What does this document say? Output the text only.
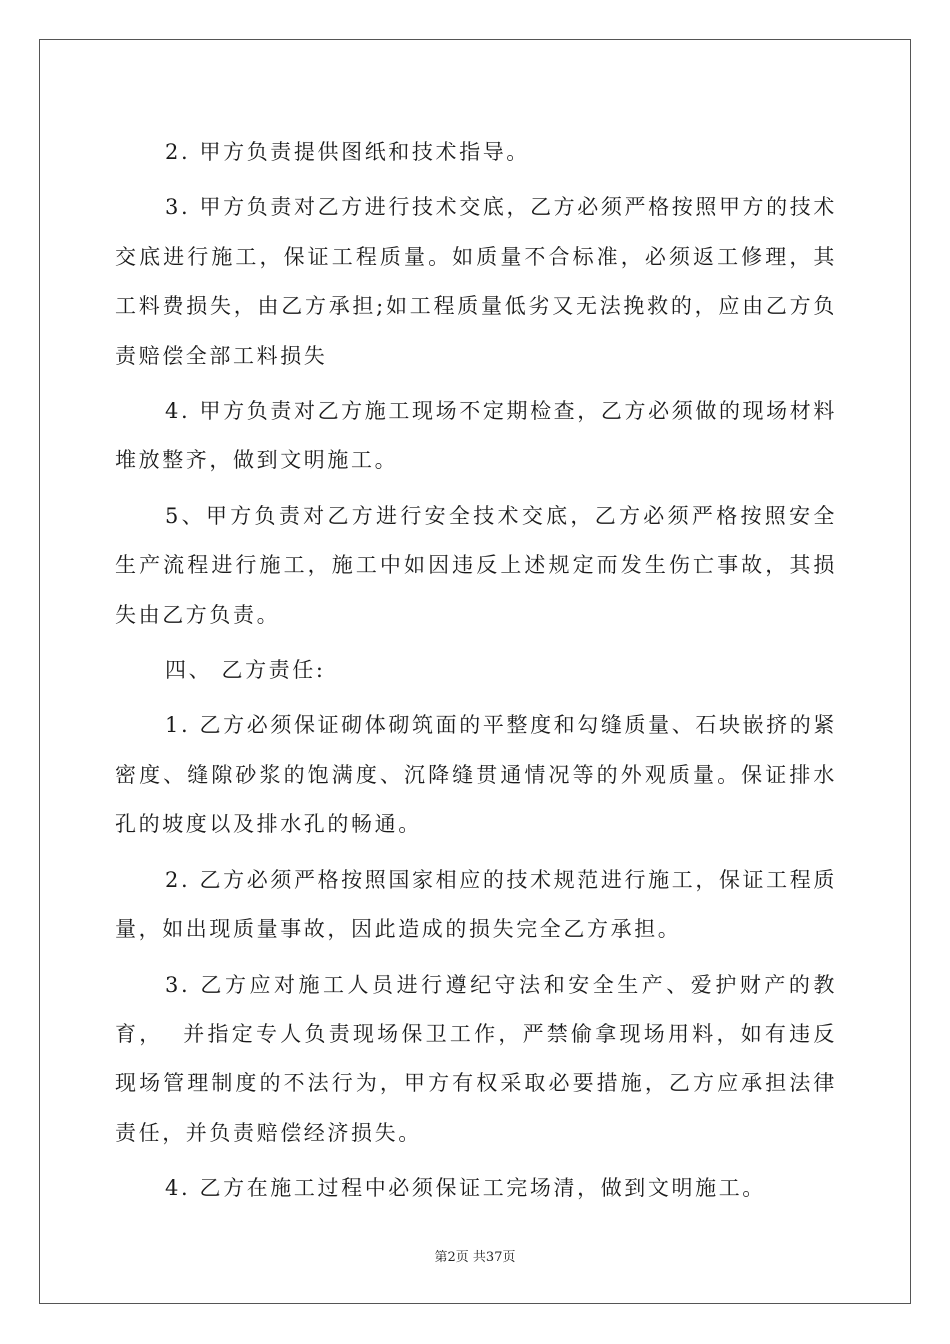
2. 甲方负责提供图纸和技术指导。

3. 甲方负责对乙方进行技术交底，乙方必须严格按照甲方的技术交底进行施工，保证工程质量。如质量不合标准，必须返工修理，其工料费损失，由乙方承担;如工程质量低劣又无法挽救的，应由乙方负责赔偿全部工料损失

4. 甲方负责对乙方施工现场不定期检查，乙方必须做的现场材料堆放整齐，做到文明施工。

5、甲方负责对乙方进行安全技术交底，乙方必须严格按照安全生产流程进行施工，施工中如因违反上述规定而发生伤亡事故，其损失由乙方负责。

四、 乙方责任:

1. 乙方必须保证砌体砌筑面的平整度和勾缝质量、石块嵌挤的紧密度、缝隙砂浆的饱满度、沉降缝贯通情况等的外观质量。保证排水孔的坡度以及排水孔的畅通。

2. 乙方必须严格按照国家相应的技术规范进行施工，保证工程质量，如出现质量事故，因此造成的损失完全乙方承担。

3. 乙方应对施工人员进行遵纪守法和安全生产、爱护财产的教育，  并指定专人负责现场保卫工作，严禁偷拿现场用料，如有违反现场管理制度的不法行为，甲方有权采取必要措施，乙方应承担法律责任，并负责赔偿经济损失。

4. 乙方在施工过程中必须保证工完场清，做到文明施工。

第2页 共37页
